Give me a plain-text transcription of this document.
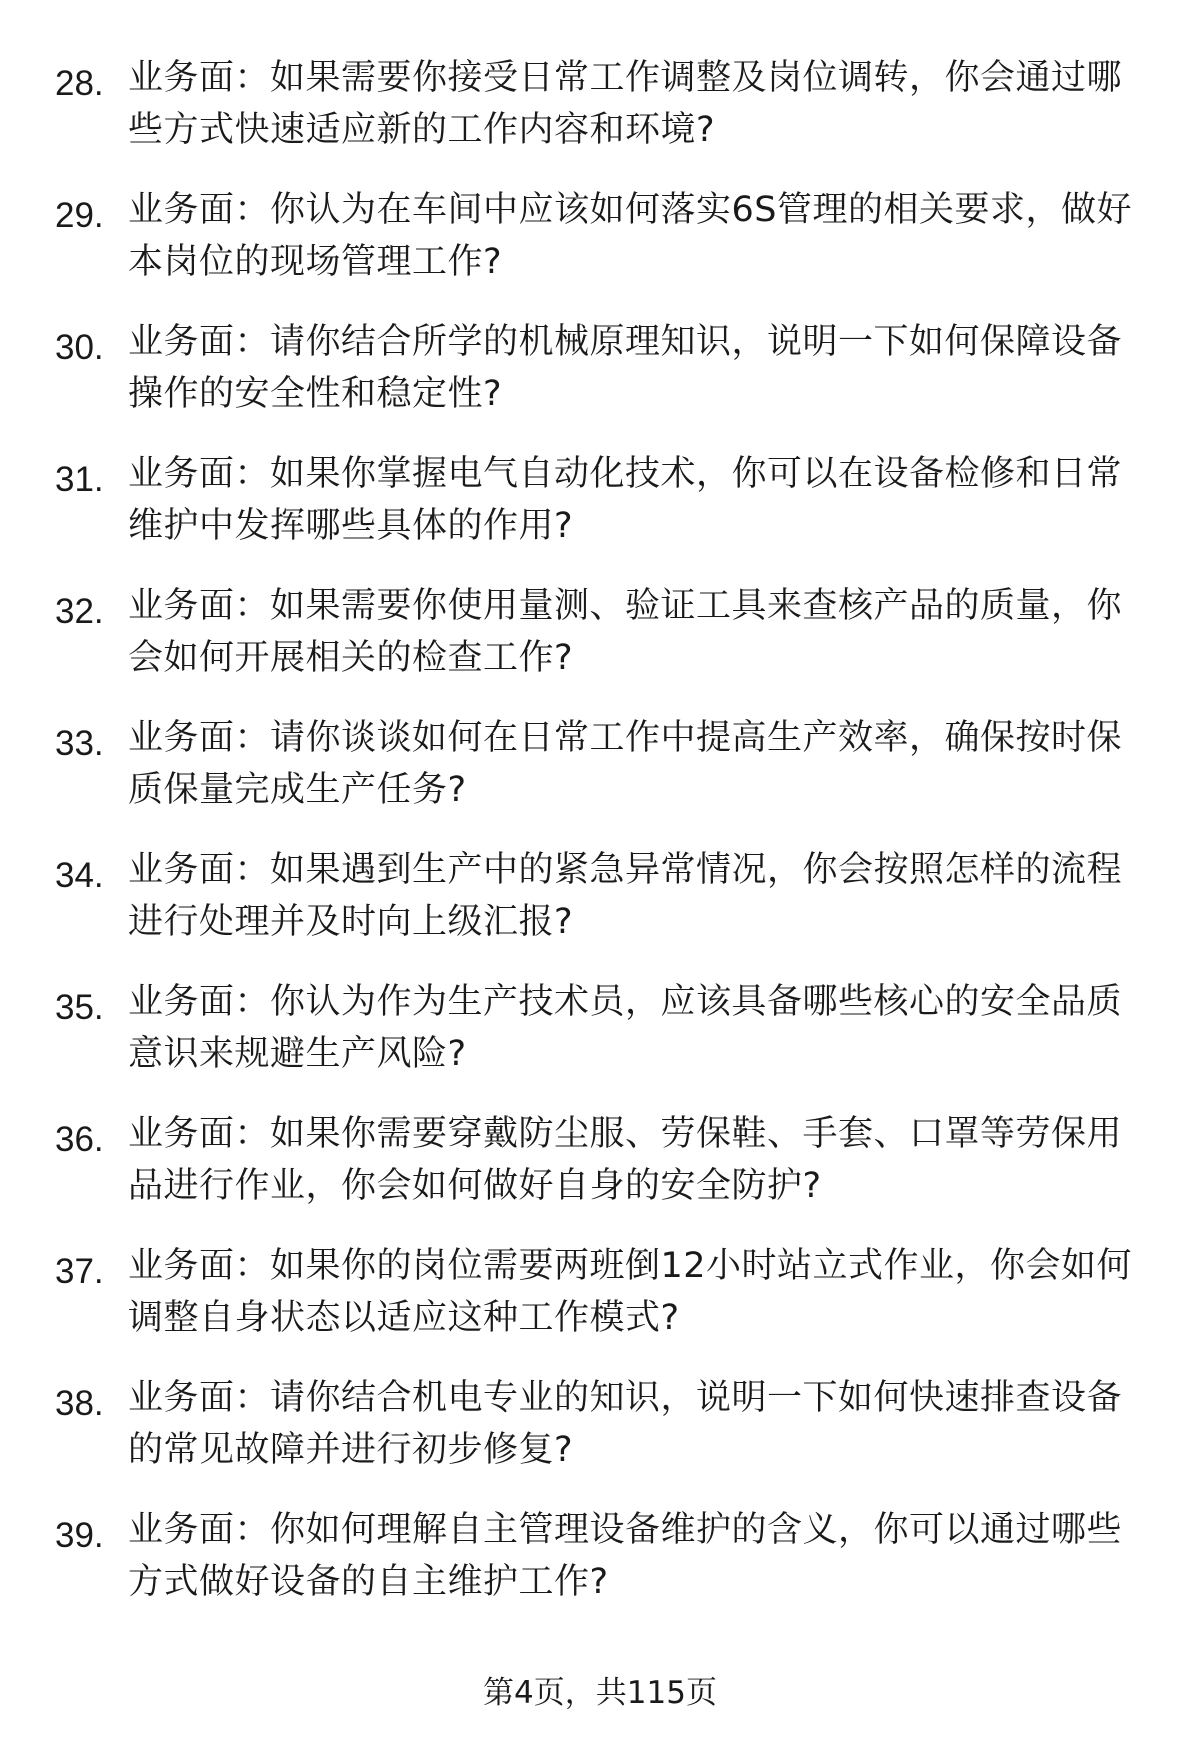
28. 业务面：如果需要你接受日常工作调整及岗位调转，你会通过哪些方式快速适应新的工作内容和环境?
29. 业务面：你认为在车间中应该如何落实6S管理的相关要求，做好本岗位的现场管理工作?
30. 业务面：请你结合所学的机械原理知识，说明一下如何保障设备操作的安全性和稳定性?
31. 业务面：如果你掌握电气自动化技术，你可以在设备检修和日常维护中发挥哪些具体的作用?
32. 业务面：如果需要你使用量测、验证工具来查核产品的质量，你会如何开展相关的检查工作?
33. 业务面：请你谈谈如何在日常工作中提高生产效率，确保按时保质保量完成生产任务?
34. 业务面：如果遇到生产中的紧急异常情况，你会按照怎样的流程进行处理并及时向上级汇报?
35. 业务面：你认为作为生产技术员，应该具备哪些核心的安全品质意识来规避生产风险?
36. 业务面：如果你需要穿戴防尘服、劳保鞋、手套、口罩等劳保用品进行作业，你会如何做好自身的安全防护?
37. 业务面：如果你的岗位需要两班倒12小时站立式作业，你会如何调整自身状态以适应这种工作模式?
38. 业务面：请你结合机电专业的知识，说明一下如何快速排查设备的常见故障并进行初步修复?
39. 业务面：你如何理解自主管理设备维护的含义，你可以通过哪些方式做好设备的自主维护工作?
第4页，共115页
